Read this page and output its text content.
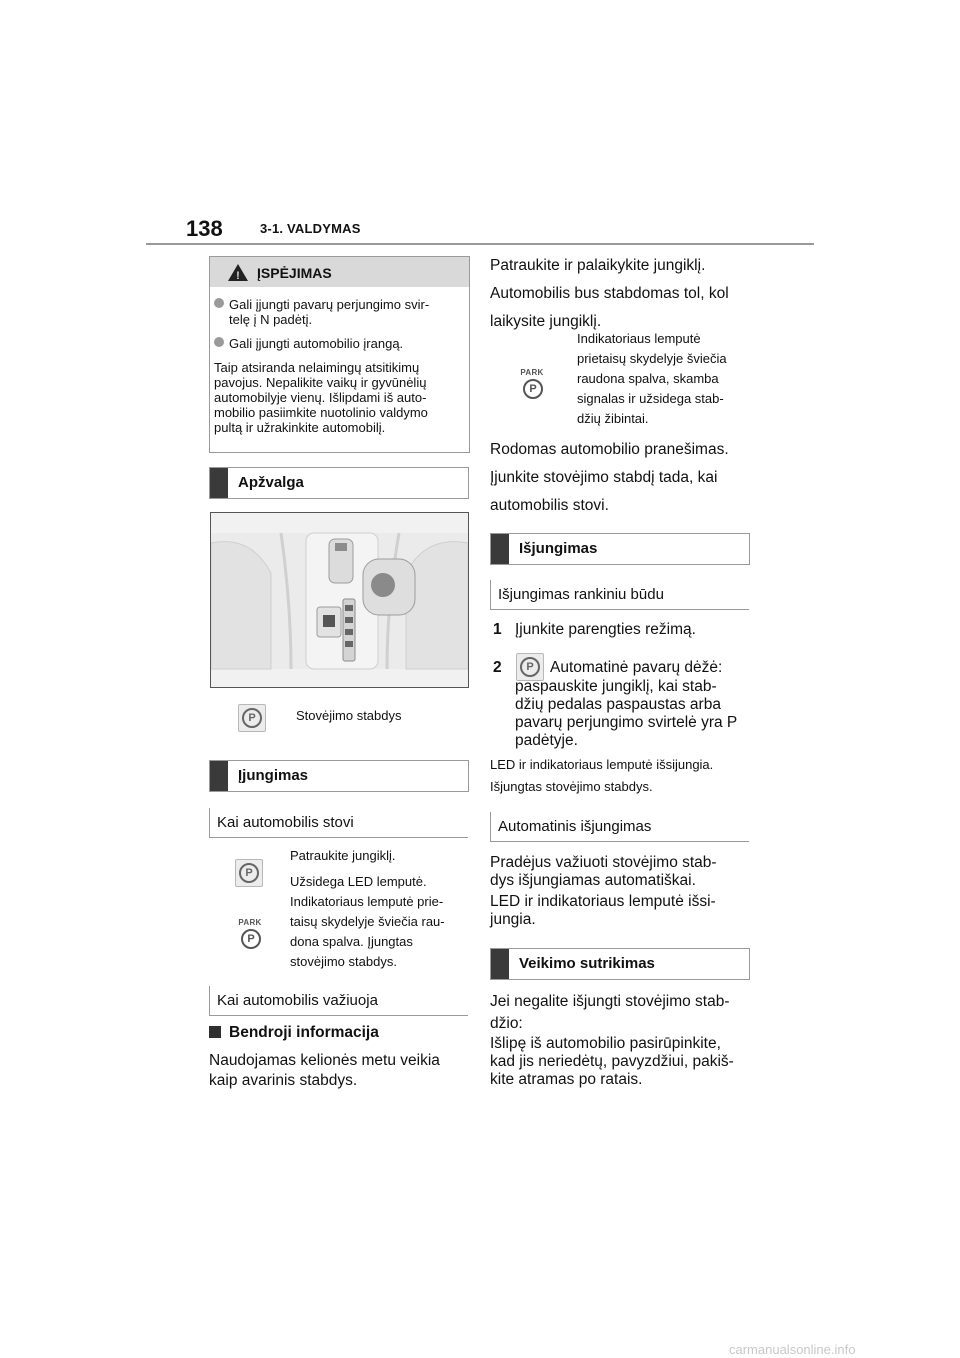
138	3-1. VALDYMAS
! ĮSPĖJIMAS
Gali įjungti pavarų perjungimo svir-
telę į N padėtį.
Gali įjungti automobilio įrangą.
Taip atsiranda nelaimingų atsitikimų
pavojus. Nepalikite vaikų ir gyvūnėlių
automobilyje vienų. Išlipdami iš auto-
mobilio pasiimkite nuotolinio valdymo
pultą ir užrakinkite automobilį.
Apžvalga
P	Stovėjimo stabdys
Įjungimas
Kai automobilis stovi
P
PARK
P
Patraukite jungiklį.
Užsidega LED lemputė.
Indikatoriaus lemputė prie-
taisų skydelyje šviečia rau-
dona spalva. Įjungtas
stovėjimo stabdys.
Kai automobilis važiuoja
Bendroji informacija
Naudojamas kelionės metu veikia
kaip avarinis stabdys.
Patraukite ir palaikykite jungiklį.
Automobilis bus stabdomas tol, kol
laikysite jungiklį.
PARK
P
Indikatoriaus lemputė
prietaisų skydelyje šviečia
raudona spalva, skamba
signalas ir užsidega stab-
džių žibintai.
Rodomas automobilio pranešimas.
Įjunkite stovėjimo stabdį tada, kai
automobilis stovi.
Išjungimas
Išjungimas rankiniu būdu
1 Įjunkite parengties režimą.
2	P Automatinė pavarų dėžė:
paspauskite jungiklį, kai stab-
džių pedalas paspaustas arba
pavarų perjungimo svirtelė yra P
padėtyje.
LED ir indikatoriaus lemputė išsijungia.
Išjungtas stovėjimo stabdys.
Automatinis išjungimas
Pradėjus važiuoti stovėjimo stab-
dys išjungiamas automatiškai.
LED ir indikatoriaus lemputė išsi-
jungia.
Veikimo sutrikimas
Jei negalite išjungti stovėjimo stab-
džio:
Išlipę iš automobilio pasirūpinkite,
kad jis neriedėtų, pavyzdžiui, pakiš-
kite atramas po ratais.
carmanualsonline.info
